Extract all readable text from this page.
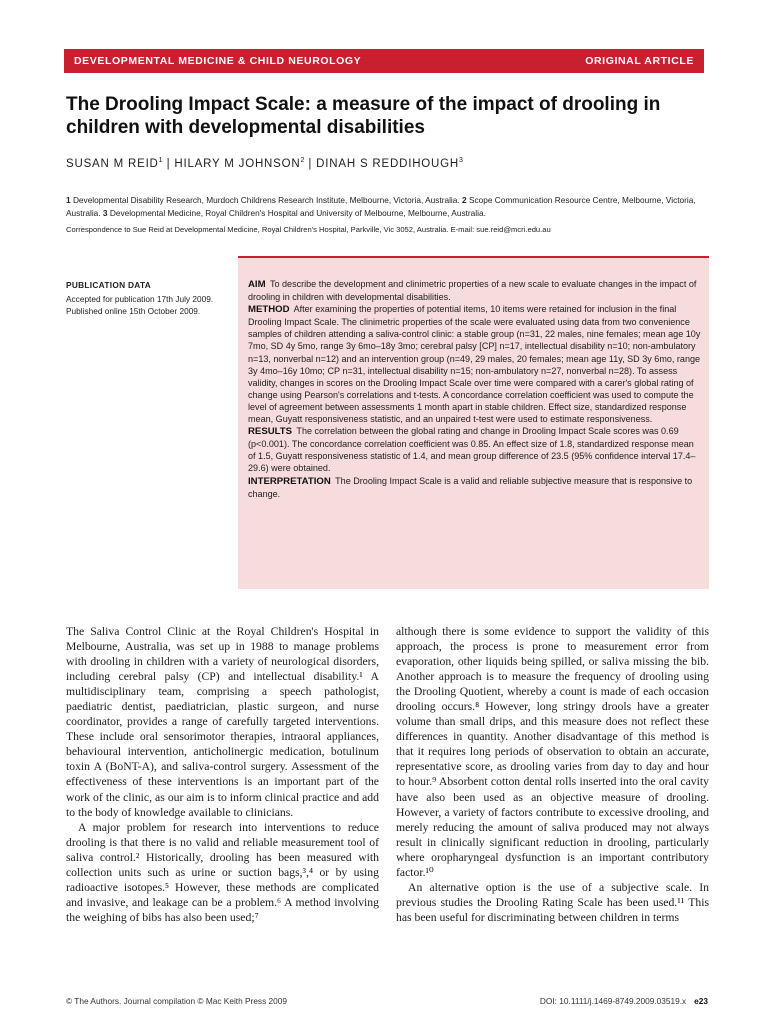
DEVELOPMENTAL MEDICINE & CHILD NEUROLOGY	ORIGINAL ARTICLE
The Drooling Impact Scale: a measure of the impact of drooling in children with developmental disabilities
SUSAN M REID$^1$ | HILARY M JOHNSON$^2$ | DINAH S REDDIHOUGH$^3$

1 Developmental Disability Research, Murdoch Childrens Research Institute, Melbourne, Victoria, Australia. 2 Scope Communication Resource Centre, Melbourne, Victoria, Australia. 3 Developmental Medicine, Royal Children's Hospital and University of Melbourne, Melbourne, Australia.

Correspondence to Sue Reid at Developmental Medicine, Royal Children's Hospital, Parkville, Vic 3052, Australia. E-mail: sue.reid@mcri.edu.au

PUBLICATION DATA
Accepted for publication 17th July 2009.
Published online 15th October 2009.

AIM To describe the development and clinimetric properties of a new scale to evaluate changes in the impact of drooling in children with developmental disabilities.

METHOD After examining the properties of potential items, 10 items were retained for inclusion in the final Drooling Impact Scale. The clinimetric properties of the scale were evaluated using data from two convenience samples of children attending a saliva-control clinic: a stable group (n=31, 22 males, nine females; mean age 10y 7mo, SD 4y 5mo, range 3y 6mo–18y 3mo; cerebral palsy [CP] n=17, intellectual disability n=10; non-ambulatory n=13, nonverbal n=12) and an intervention group (n=49, 29 males, 20 females; mean age 11y, SD 3y 6mo, range 3y 4mo–16y 10mo; CP n=31, intellectual disability n=15; non-ambulatory n=27, nonverbal n=28). To assess validity, changes in scores on the Drooling Impact Scale over time were compared with a carer's global rating of change using Pearson's correlations and t-tests. A concordance correlation coefficient was used to compute the level of agreement between assessments 1 month apart in stable children. Effect size, standardized response mean, Guyatt responsiveness statistic, and an unpaired t-test were used to estimate responsiveness.

RESULTS The correlation between the global rating and change in Drooling Impact Scale scores was 0.69 (p<0.001). The concordance correlation coefficient was 0.85. An effect size of 1.8, standardized response mean of 1.5, Guyatt responsiveness statistic of 1.4, and mean group difference of 23.5 (95% confidence interval 17.4–29.6) were obtained.

INTERPRETATION The Drooling Impact Scale is a valid and reliable subjective measure that is responsive to change.

The Saliva Control Clinic at the Royal Children's Hospital in Melbourne, Australia, was set up in 1988 to manage problems with drooling in children with a variety of neurological disorders, including cerebral palsy (CP) and intellectual disability.¹ A multidisciplinary team, comprising a speech pathologist, paediatric dentist, paediatrician, plastic surgeon, and nurse coordinator, provides a range of carefully targeted interventions. These include oral sensorimotor therapies, intraoral appliances, behavioural intervention, anticholinergic medication, botulinum toxin A (BoNT-A), and saliva-control surgery. Assessment of the effectiveness of these interventions is an important part of the work of the clinic, as our aim is to inform clinical practice and add to the body of knowledge available to clinicians.

A major problem for research into interventions to reduce drooling is that there is no valid and reliable measurement tool of saliva control.² Historically, drooling has been measured with collection units such as urine or suction bags,³,⁴ or by using radioactive isotopes.⁵ However, these methods are complicated and invasive, and leakage can be a problem.⁶ A method involving the weighing of bibs has also been used;⁷

although there is some evidence to support the validity of this approach, the process is prone to measurement error from evaporation, other liquids being spilled, or saliva missing the bib. Another approach is to measure the frequency of drooling using the Drooling Quotient, whereby a count is made of each occasion drooling occurs.⁸ However, long stringy drools have a greater volume than small drips, and this measure does not reflect these differences in quantity. Another disadvantage of this method is that it requires long periods of observation to obtain an accurate, representative score, as drooling varies from day to day and hour to hour.⁹ Absorbent cotton dental rolls inserted into the oral cavity have also been used as an objective measure of drooling. However, a variety of factors contribute to excessive drooling, and merely reducing the amount of saliva produced may not always result in clinically significant reduction in drooling, particularly where oropharyngeal dysfunction is an important contributory factor.¹⁰

An alternative option is the use of a subjective scale. In previous studies the Drooling Rating Scale has been used.¹¹ This has been useful for discriminating between children in terms

© The Authors. Journal compilation © Mac Keith Press 2009	DOI: 10.1111/j.1469-8749.2009.03519.x e23
